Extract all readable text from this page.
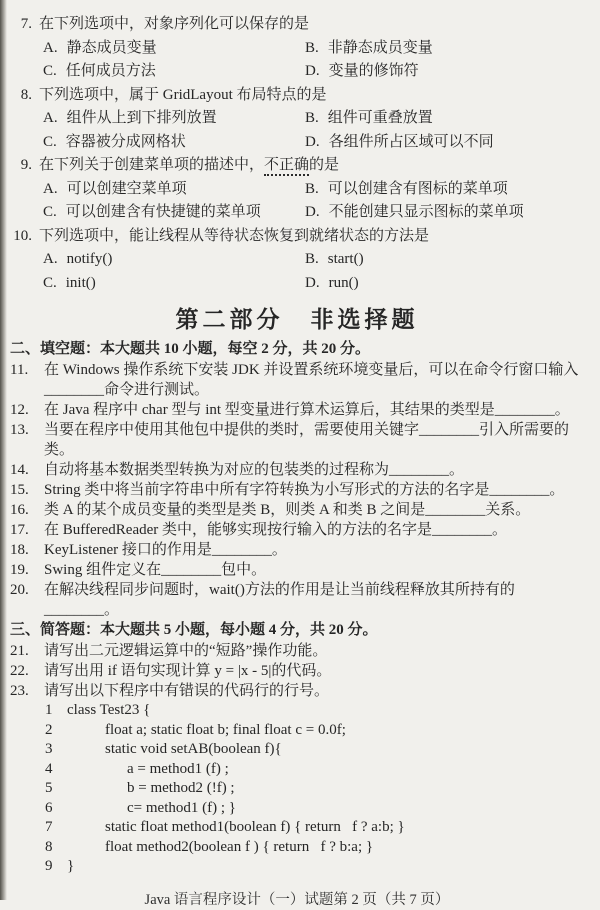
7. 在下列选项中，对象序列化可以保存的是
A. 静态成员变量	B. 非静态成员变量
C. 任何成员方法	D. 变量的修饰符
8. 下列选项中，属于 GridLayout 布局特点的是
A. 组件从上到下排列放置	B. 组件可重叠放置
C. 容器被分成网格状	D. 各组件所占区域可以不同
9. 在下列关于创建菜单项的描述中，不正确的是
A. 可以创建空菜单项	B. 可以创建含有图标的菜单项
C. 可以创建含有快捷键的菜单项	D. 不能创建只显示图标的菜单项
10. 下列选项中，能让线程从等待状态恢复到就绪状态的方法是
A. notify()	B. start()
C. init()	D. run()
第二部分　非选择题
二、填空题：本大题共 10 小题，每空 2 分，共 20 分。
11.	在 Windows 操作系统下安装 JDK 并设置系统环境变量后，可以在命令行窗口输入
________命令进行测试。
12.	在 Java 程序中 char 型与 int 型变量进行算术运算后，其结果的类型是________。
13.	当要在程序中使用其他包中提供的类时，需要使用关键字________引入所需要的类。
14.	自动将基本数据类型转换为对应的包装类的过程称为________。
15.	String 类中将当前字符串中所有字符转换为小写形式的方法的名字是________。
16.	类 A 的某个成员变量的类型是类 B，则类 A 和类 B 之间是________关系。
17.	在 BufferedReader 类中，能够实现按行输入的方法的名字是________。
18.	KeyListener 接口的作用是________。
19.	Swing 组件定义在________包中。
20.	在解决线程同步问题时，wait()方法的作用是让当前线程释放其所持有的________。
三、简答题：本大题共 5 小题，每小题 4 分，共 20 分。
21.	请写出二元逻辑运算中的“短路”操作功能。
22.	请写出用 if 语句实现计算 y = |x - 5|的代码。
23.	请写出以下程序中有错误的代码行的行号。
1 class Test23 {
2	float a; static float b; final float c = 0.0f;
3	static void setAB(boolean f){
4	a = method1 (f) ;
5	b = method2 (!f) ;
6	c= method1 (f) ; }
7	static float method1(boolean f) { return   f ? a:b; }
8	float method2(boolean f ) { return   f ? b:a; }
9 }
Java 语言程序设计（一）试题第 2 页（共 7 页）
